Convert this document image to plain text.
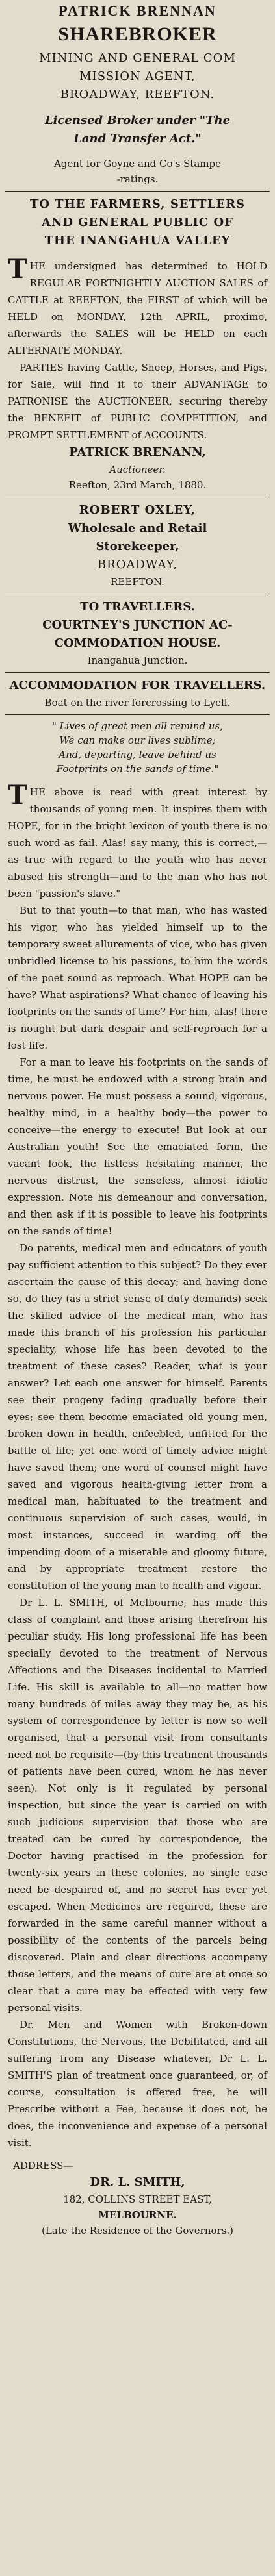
PATRICK BRENNAN
SHAREBROKER
MINING AND GENERAL COM
MISSION AGENT,
BROADWAY, REEFTON.
Licensed Broker under "The
Land Transfer Act."
Agent for Goyne and Co's Stampe
-ratings.
TO THE FARMERS, SETTLERS
AND GENERAL PUBLIC OF
THE INANGAHUA VALLEY

THE undersigned has determined to HOLD REGULAR FORTNIGHTLY AUCTION SALES of CATTLE at REEFTON, the FIRST of which will be HELD on MONDAY, 12th APRIL, proximo, afterwards the SALES will be HELD on each ALTERNATE MONDAY.

PARTIES having Cattle, Sheep, Horses, and Pigs, for Sale, will find it to their ADVANTAGE to PATRONISE the AUCTIONEER, securing thereby the BENEFIT of PUBLIC COMPETITION, and PROMPT SETTLEMENT of ACCOUNTS.

PATRICK BRENANN,
Auctioneer.
Reefton, 23rd March, 1880.
ROBERT OXLEY,
Wholesale and Retail
Storekeeper,
BROADWAY,
REEFTON.
TO TRAVELLERS.
COURTNEY'S JUNCTION AC-
COMMODATION HOUSE.
Inangahua Junction.
ACCOMMODATION FOR TRAVELLERS.
Boat on the river forcrossing to Lyell.
" Lives of great men all remind us,
We can make our lives sublime;
And, departing, leave behind us
Footprints on the sands of time."

THE above is read with great interest by thousands of young men. It inspires them with HOPE, for in the bright lexicon of youth there is no such word as fail. Alas! say many, this is correct,—as true with regard to the youth who has never abused his strength—and to the man who has not been "passion's slave."

But to that youth—to that man, who has wasted his vigor, who has yielded himself up to the temporary sweet allurements of vice, who has given unbridled license to his passions, to him the words of the poet sound as reproach. What HOPE can be have? What aspirations? What chance of leaving his footprints on the sands of time? For him, alas! there is nought but dark despair and self-reproach for a lost life.

For a man to leave his footprints on the sands of time, he must be endowed with a strong brain and nervous power. He must possess a sound, vigorous, healthy mind, in a healthy body—the power to conceive—the energy to execute! But look at our Australian youth! See the emaciated form, the vacant look, the listless hesitating manner, the nervous distrust, the senseless, almost idiotic expression. Note his demeanour and conversation, and then ask if it is possible to leave his footprints on the sands of time!

Do parents, medical men and educators of youth pay sufficient attention to this subject? Do they ever ascertain the cause of this decay; and having done so, do they (as a strict sense of duty demands) seek the skilled advice of the medical man, who has made this branch of his profession his particular speciality, whose life has been devoted to the treatment of these cases? Reader, what is your answer? Let each one answer for himself. Parents see their progeny fading gradually before their eyes; see them become emaciated old young men, broken down in health, enfeebled, unfitted for the battle of life; yet one word of timely advice might have saved them; one word of counsel might have saved and vigorous health-giving letter from a medical man, habituated to the treatment and continuous supervision of such cases, would, in most instances, succeed in warding off the impending doom of a miserable and gloomy future, and by appropriate treatment restore the constitution of the young man to health and vigour.

Dr L. L. SMITH, of Melbourne, has made this class of complaint and those arising therefrom his peculiar study. His long professional life has been specially devoted to the treatment of Nervous Affections and the Diseases incidental to Married Life. His skill is available to all—no matter how many hundreds of miles away they may be, as his system of correspondence by letter is now so well organised, that a personal visit from consultants need not be requisite—(by this treatment thousands of patients have been cured, whom he has never seen). Not only is it regulated by personal inspection, but since the year is carried on with such judicious supervision that those who are treated can be cured by correspondence, the Doctor having practised in the profession for twenty-six years in these colonies, no single case need be despaired of, and no secret has ever yet escaped. When Medicines are required, these are forwarded in the same careful manner without a possibility of the contents of the parcels being discovered. Plain and clear directions accompany those letters, and the means of cure are at once so clear that a cure may be effected with very few personal visits.

Dr. Men and Women with Broken-down Constitutions, the Nervous, the Debilitated, and all suffering from any Disease whatever, Dr L. L. SMITH'S plan of treatment once guaranteed, or, of course, consultation is offered free, he will Prescribe without a Fee, because it does not, he does, the inconvenience and expense of a personal visit.

ADDRESS—
DR. L. SMITH,
182, COLLINS STREET EAST,
MELBOURNE.
(Late the Residence of the Governors.)
